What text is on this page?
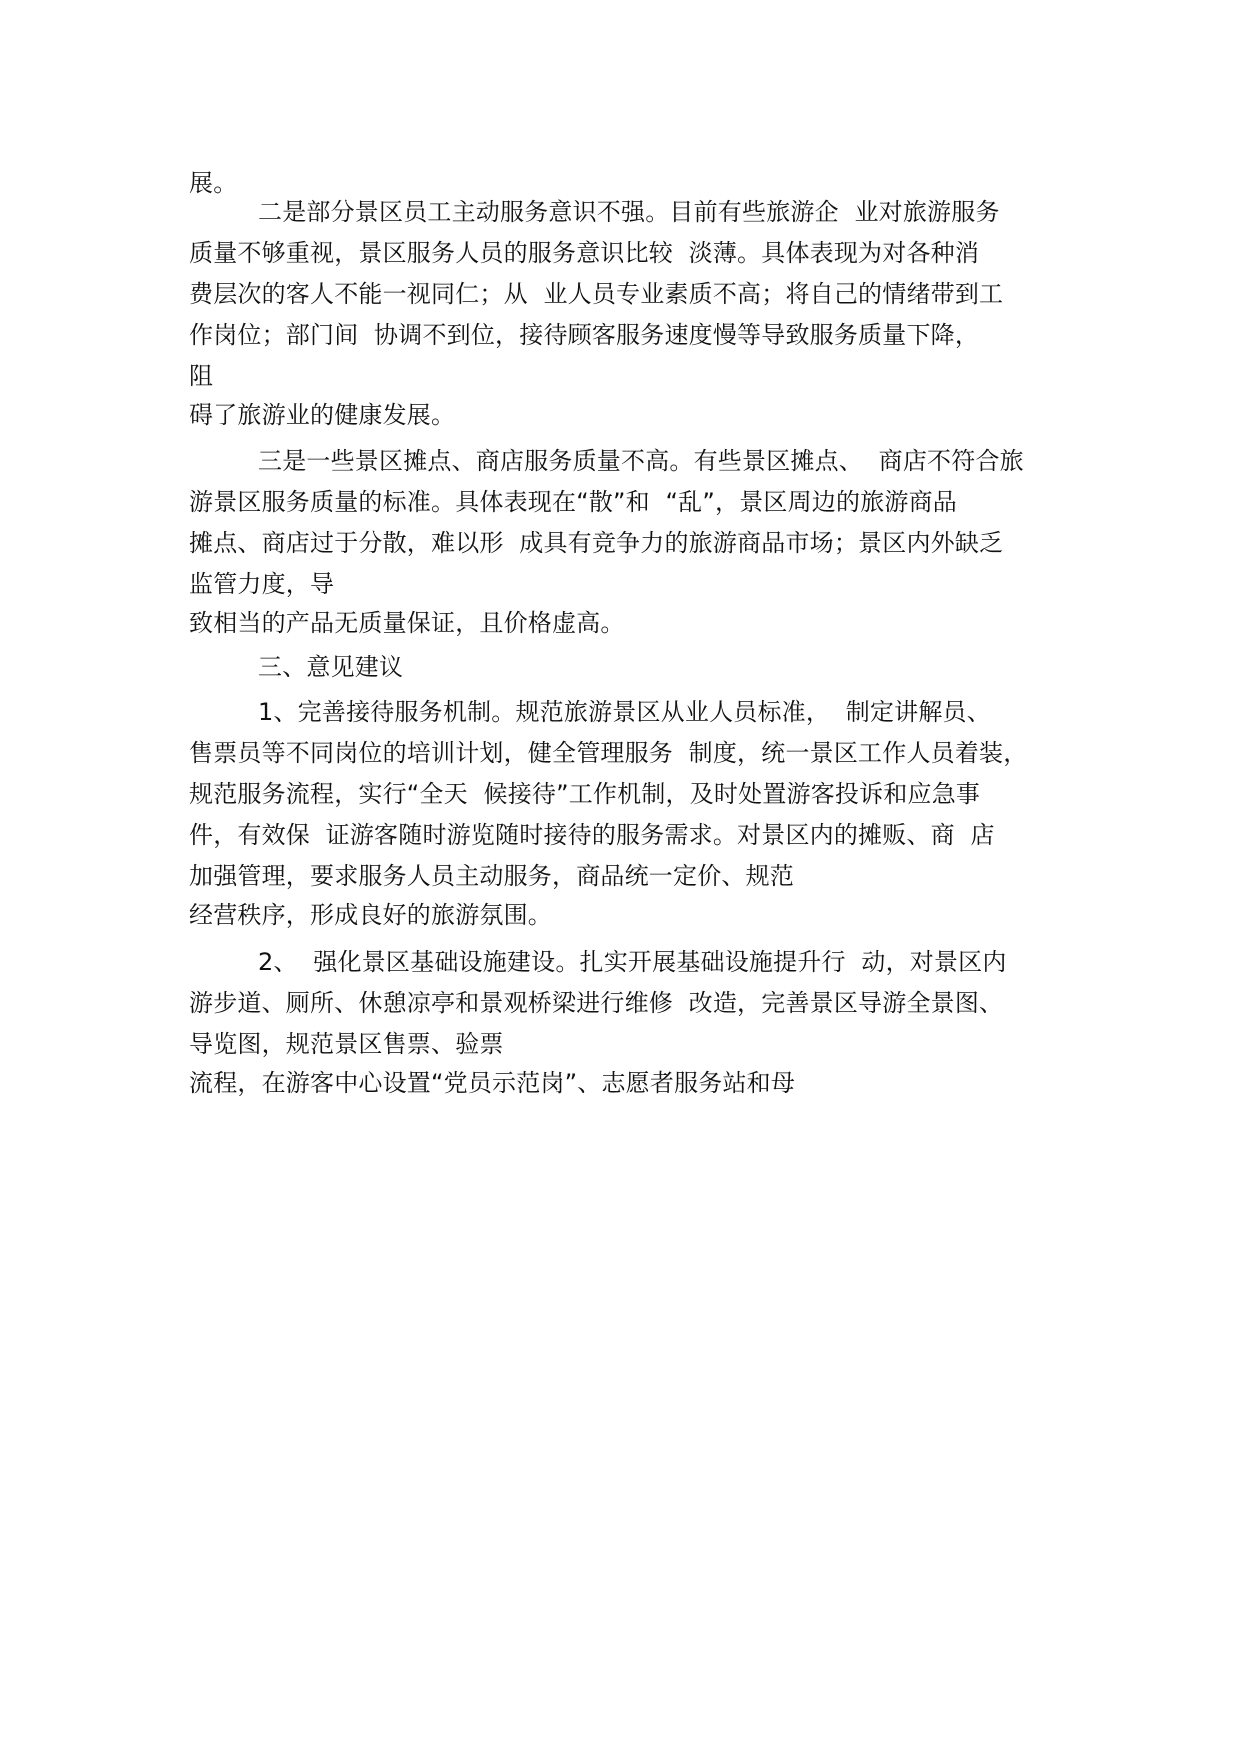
展。
二是部分景区员工主动服务意识不强。目前有些旅游企  业对旅游服务
质量不够重视，景区服务人员的服务意识比较  淡薄。具体表现为对各种消
费层次的客人不能一视同仁；从  业人员专业素质不高；将自己的情绪带到工
作岗位；部门间  协调不到位，接待顾客服务速度慢等导致服务质量下降，
阻
碍了旅游业的健康发展。
三是一些景区摊点、商店服务质量不高。有些景区摊点、  商店不符合旅
游景区服务质量的标准。具体表现在“散”和  “乱”，景区周边的旅游商品
摊点、商店过于分散，难以形  成具有竞争力的旅游商品市场；景区内外缺乏
监管力度，导
致相当的产品无质量保证，且价格虚高。
三、意见建议
1、完善接待服务机制。规范旅游景区从业人员标准，  制定讲解员、
售票员等不同岗位的培训计划，健全管理服务  制度，统一景区工作人员着装，
规范服务流程，实行“全天  候接待”工作机制，及时处置游客投诉和应急事
件，有效保  证游客随时游览随时接待的服务需求。对景区内的摊贩、商  店
加强管理，要求服务人员主动服务，商品统一定价、规范
经营秩序，形成良好的旅游氛围。
2、  强化景区基础设施建设。扎实开展基础设施提升行  动，对景区内
游步道、厕所、休憩凉亭和景观桥梁进行维修  改造，完善景区导游全景图、
导览图，规范景区售票、验票
流程，在游客中心设置“党员示范岗”、志愿者服务站和母
